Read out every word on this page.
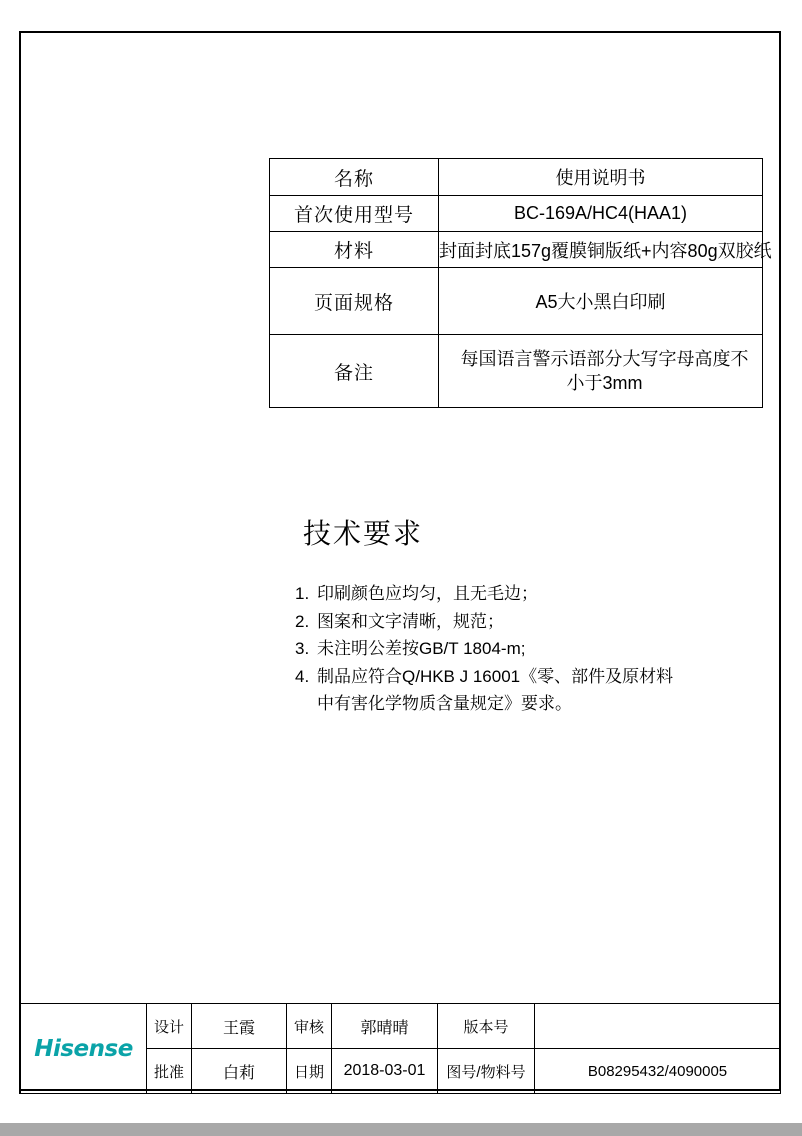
名称	使用说明书
首次使用型号	BC-169A/HC4(HAA1)
材料	封面封底157g覆膜铜版纸+内容80g双胶纸
页面规格	A5大小黑白印刷
备注	每国语言警示语部分大写字母高度不小于3mm
技术要求
1. 印刷颜色应均匀，且无毛边；
2. 图案和文字清晰，规范；
3. 未注明公差按GB/T 1804-m;
4. 制品应符合Q/HKB J 16001《零、部件及原材料
中有害化学物质含量规定》要求。
Hisense	设计	王霞	审核	郭晴晴	版本号	
	批准	白莉	日期	2018-03-01	图号/物料号	B08295432/4090005
